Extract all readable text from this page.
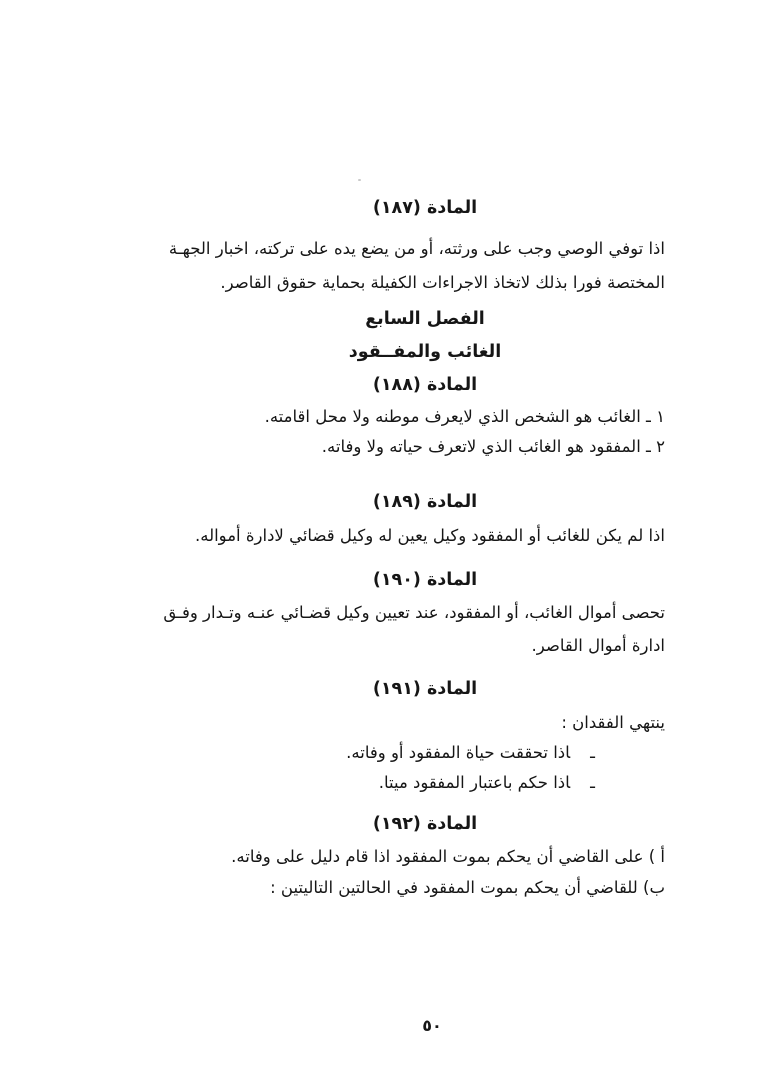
المادة (١٨٧)
اذا توفي الوصي وجب على ورثته، أو من يضع يده على تركته، اخبار الجهـة
المختصة فورا بذلك لاتخاذ الاجراءات الكفيلة بحماية حقوق القاصر.
الفصل السابع
الغائب والمفــقود
المادة (١٨٨)
١ ـ الغائب هو الشخص الذي لايعرف موطنه ولا محل اقامته.
٢ ـ المفقود هو الغائب الذي لاتعرف حياته ولا وفاته.
المادة (١٨٩)
اذا لم يكن للغائب أو المفقود وكيل يعين له وكيل قضائي لادارة أمواله.
المادة (١٩٠)
تحصى أموال الغائب، أو المفقود، عند تعيين وكيل قضـائي عنـه وتـدار وفـق
ادارة أموال القاصر.
المادة (١٩١)
ينتهي الفقدان :
ـاذا تحققت حياة المفقود أو وفاته.
ـاذا حكم باعتبار المفقود ميتا.
المادة (١٩٢)
أ ) على القاضي أن يحكم بموت المفقود اذا قام دليل على وفاته.
ب) للقاضي أن يحكم بموت المفقود في الحالتين التاليتين :
٥٠
